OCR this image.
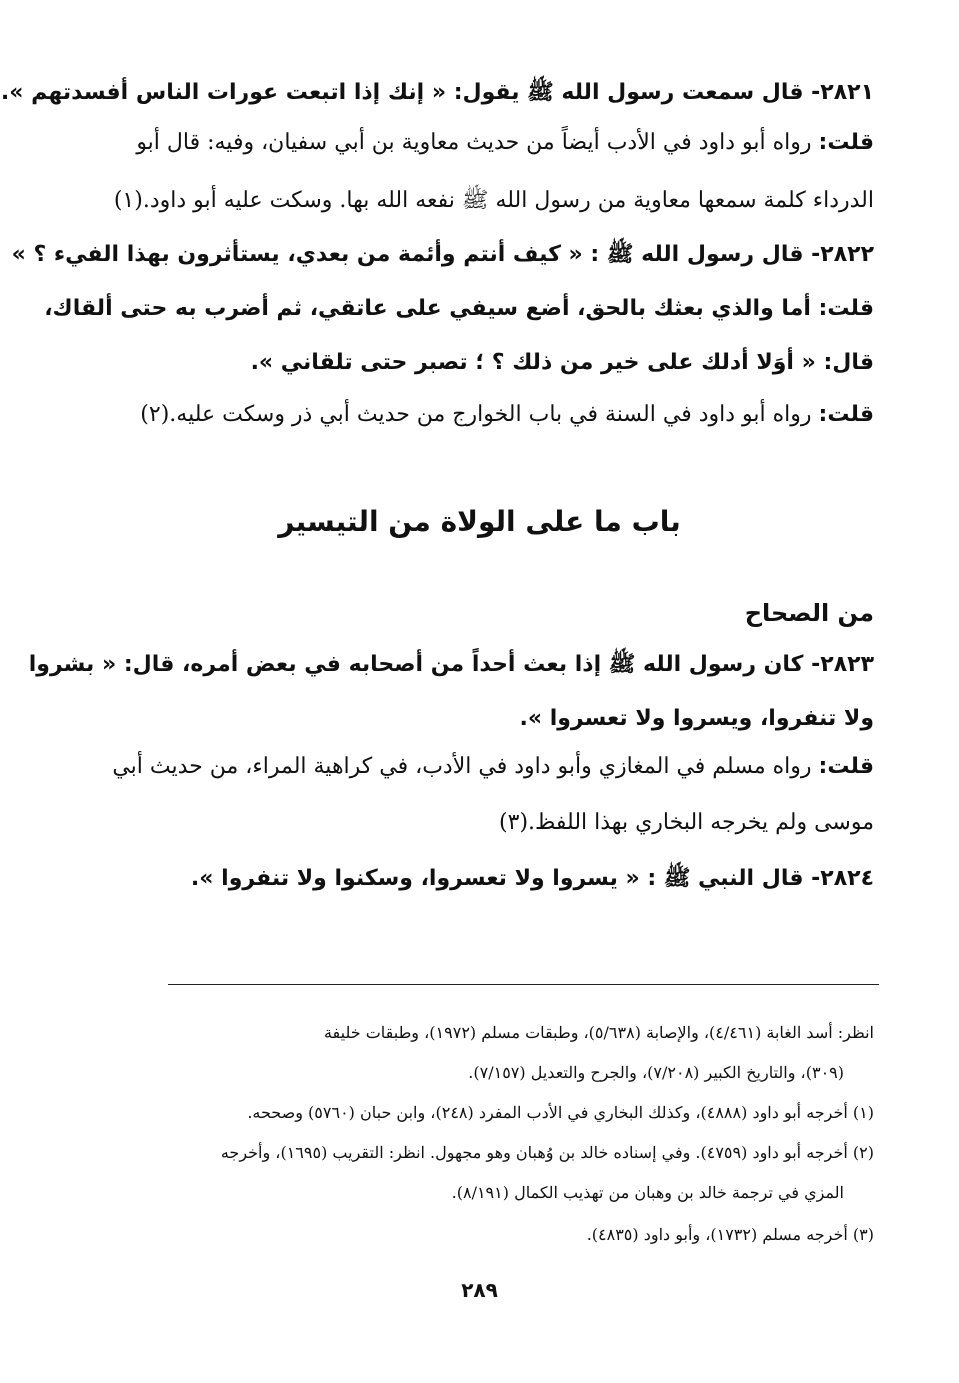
٢٨٢١- قال سمعت رسول الله ﷺ يقول: « إنك إذا اتبعت عورات الناس أفسدتهم ».
قلت: رواه أبو داود في الأدب أيضاً من حديث معاوية بن أبي سفيان، وفيه: قال أبو
الدرداء كلمة سمعها معاوية من رسول الله ﷺ نفعه الله بها. وسكت عليه أبو داود.(١)
٢٨٢٢- قال رسول الله ﷺ : « كيف أنتم وأئمة من بعدي، يستأثرون بهذا الفيء ؟ »
قلت: أما والذي بعثك بالحق، أضع سيفي على عاتقي، ثم أضرب به حتى ألقاك،
قال: « أوَلا أدلك على خير من ذلك ؟ ؛ تصبر حتى تلقاني ».
قلت: رواه أبو داود في السنة في باب الخوارج من حديث أبي ذر وسكت عليه.(٢)
باب ما على الولاة من التيسير
من الصحاح
٢٨٢٣- كان رسول الله ﷺ إذا بعث أحداً من أصحابه في بعض أمره، قال: « بشروا
ولا تنفروا، ويسروا ولا تعسروا ».
قلت: رواه مسلم في المغازي وأبو داود في الأدب، في كراهية المراء، من حديث أبي
موسى ولم يخرجه البخاري بهذا اللفظ.(٣)
٢٨٢٤- قال النبي ﷺ : « يسروا ولا تعسروا، وسكنوا ولا تنفروا ».
انظر: أسد الغابة (٤/٤٦١)، والإصابة (٥/٦٣٨)، وطبقات مسلم (١٩٧٢)، وطبقات خليفة
(٣٠٩)، والتاريخ الكبير (٧/٢٠٨)، والجرح والتعديل (٧/١٥٧).
(١) أخرجه أبو داود (٤٨٨٨)، وكذلك البخاري في الأدب المفرد (٢٤٨)، وابن حبان (٥٧٦٠) وصححه.
(٢) أخرجه أبو داود (٤٧٥٩). وفي إسناده خالد بن وُهبان وهو مجهول. انظر: التقريب (١٦٩٥)، وأخرجه
المزي في ترجمة خالد بن وهبان من تهذيب الكمال (٨/١٩١).
(٣) أخرجه مسلم (١٧٣٢)، وأبو داود (٤٨٣٥).
٢٨٩
